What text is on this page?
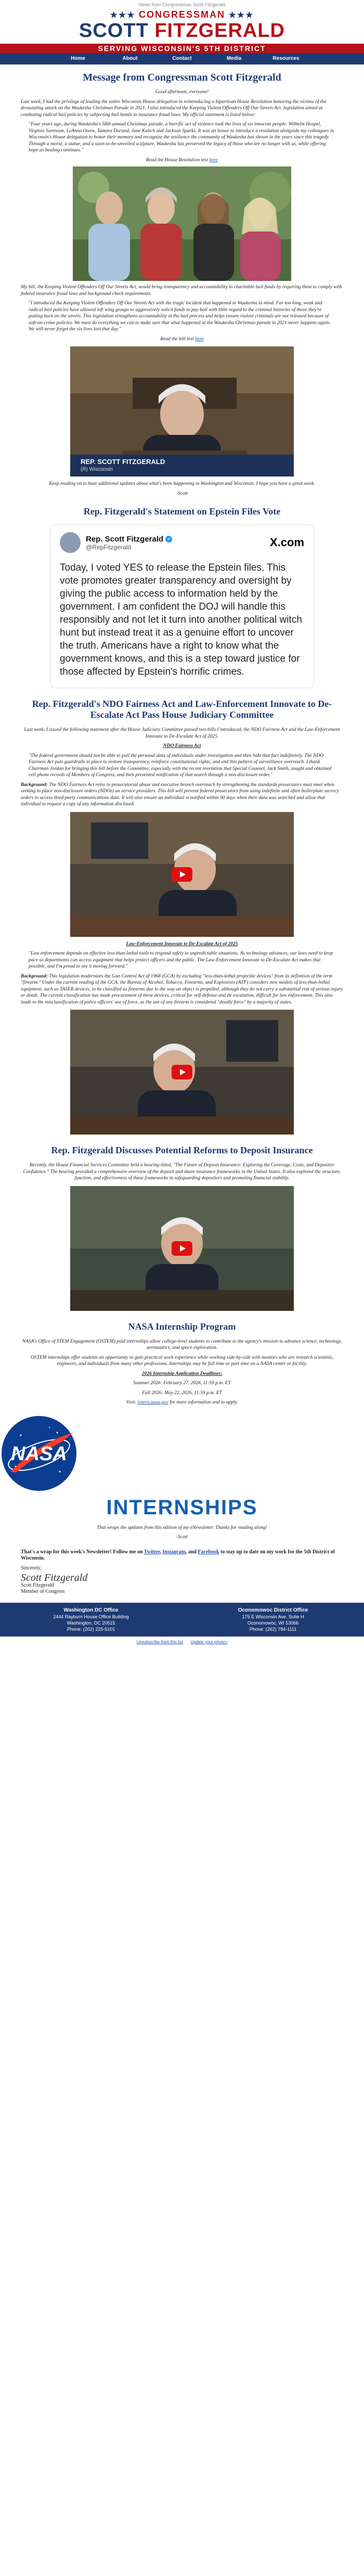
News from Congressman Scott Fitzgerald
★★★ CONGRESSMAN ★★★
SCOTT FITZGERALD
SERVING WISCONSIN'S 5TH DISTRICT
Home	About	Contact	Media	Resources
Message from Congressman Scott Fitzgerald

Good afternoon, everyone!

Last week, I had the privilege of leading the entire Wisconsin House delegation in reintroducing a bipartisan House Resolution honoring the victims of the devastating attack on the Waukesha Christmas Parade in 2021. I also introduced the Keeping Violent Offenders Off Our Streets Act, legislation aimed at combating radical bail policies by subjecting bail bonds to insurance fraud laws. My official statement is listed below:

"Four years ago, during Waukesha's 58th annual Christmas parade, a horrific act of violence took the lives of six innocent people: Wilhelm Hospel, Virginia Sorenson, LeAnna Owen, Tamara Durand, Jane Kulich and Jackson Sparks. It was an honor to introduce a resolution alongside my colleagues in Wisconsin's House delegation to honor their memory and recognize the resilience the community of Waukesha has shown in the years since this tragedy. Through a moral, a statue, and a soon-to-be-unveiled sculpture, Waukesha has preserved the legacy of those who are no longer with us, while offering hope as healing continues."

Read the House Resolution text here

My bill, the Keeping Violent Offenders Off Our Streets Act, would bring transparency and accountability to charitable bail funds by requiring them to comply with federal insurance fraud laws and background check requirements.

"I introduced the Keeping Violent Offenders Off Our Streets Act with the tragic incident that happened in Waukesha in mind. For too long, weak and radical bail policies have allowed left wing groups to aggressively solicit funds to pay bail with little regard to the criminal histories of those they're putting back on the streets. This legislation strengthens accountability in the bail process and helps ensure violent criminals are not released because of soft-on-crime policies. We must do everything we can to make sure that what happened at the Waukesha Christmas parade in 2021 never happens again. We will never forget the six lives lost that day."

Read the bill text here

REP. SCOTT FITZGERALD
(R) Wisconsin

Keep reading on to hear additional updates about what's been happening in Washington and Wisconsin. I hope you have a great week.

-Scott

Rep. Fitzgerald's Statement on Epstein Files Vote
Rep. Scott Fitzgerald ✓
@RepFitzgerald	X.com
Today, I voted YES to release the Epstein files. This vote promotes greater transparency and oversight by giving the public access to information held by the government. I am confident the DOJ will handle this responsibly and not let it turn into another political witch hunt but instead treat it as a genuine effort to uncover the truth. Americans have a right to know what the government knows, and this is a step toward justice for those affected by Epstein's horrific crimes.
Rep. Fitzgerald's NDO Fairness Act and Law-Enforcement Innovate to De-Escalate Act Pass House Judiciary Committee

Last week, I issued the following statement after the House Judiciary Committee passed two bills I introduced, the NDO Fairness Act and the Law-Enforcement Innovate to De-Escalate Act of 2025.

NDO Fairness Act

"The federal government should not be able to pull the personal data of individuals under investigation and then hide that fact indefinitely. The NDO Fairness Act puts guardrails in place to restore transparency, reinforce constitutional rights, and end this pattern of surveillance overreach. I thank Chairman Jordan for bringing this bill before the Committee, especially with the recent revelation that Special Counsel, Jack Smith, sought and obtained cell phone records of Members of Congress, and then prevented notification of that search through a non-disclosure order."

Background: The NDO Fairness Act reins in prosecutorial abuse and executive branch overreach by strengthening the standards prosecutors must meet when seeking to place non-disclosure orders (NDOs) on service providers. This bill will prevent federal prosecutors from using indefinite and often boilerplate secrecy orders to access third-party communications data. It will also ensure an individual is notified within 90 days when their data was searched and allow that individual to request a copy of any information disclosed.

Law-Enforcement Innovate to De-Escalate Act of 2025

"Law enforcement depends on effective less-than-lethal tools to respond safely to unpredictable situations. As technology advances, our laws need to keep pace so departments can access equipment that helps protect officers and the public. The Law-Enforcement Innovate to De-Escalate Act makes that possible, and I'm proud to see it moving forward."

Background: This legislation modernizes the Gun Control Act of 1968 (GCA) by excluding "less-than-lethal projectile devices" from its definition of the term "firearm." Under the current reading of the GCA, the Bureau of Alcohol, Tobacco, Firearms, and Explosives (ATF) considers new models of less-than-lethal equipment, such as TASER devices, to be classified as firearms due to the way an object is propelled, although they do not carry a substantial risk of serious injury or death. The current classification has made procurement of these devices, critical for self-defense and de-escalation, difficult for law enforcement. This also leads to the misclassification of police officers' use of force, as the use of any firearm is considered "deadly force" by a majority of states.

Rep. Fitzgerald Discusses Potential Reforms to Deposit Insurance

Recently, the House Financial Services Committee held a hearing titled, "The Future of Deposit Insurance: Exploring the Coverage, Costs, and Depositor Confidence." The hearing provided a comprehensive overview of the deposit and share insurance frameworks in the United States. It also explored the structure, function, and effectiveness of these frameworks in safeguarding depositors and promoting financial stability.

NASA Internship Program

NASA's Office of STEM Engagement (OSTEM) paid internships allow college-level students to contribute to the agency's mission to advance science, technology, aeronautics, and space exploration.

OSTEM internships offer students an opportunity to gain practical work experience while working side-by-side with mentors who are research scientists, engineers, and individuals from many other professions. Internships may be full time or part time on a NASA center or facility.

2026 Internship Application Deadlines:

Summer 2026: February 27, 2026, 11:59 p.m. ET

Fall 2026: May 22, 2026, 11:59 p.m. ET

Visit: intern.nasa.gov for more information and to apply.

NASA
INTERNSHIPS

That wraps the updates from this edition of my eNewsletter. Thanks for reading along!

-Scott

That's a wrap for this week's Newsletter! Follow me on Twitter, Instagram, and Facebook to stay up to date on my work for the 5th District of Wisconsin.

Sincerely,

Scott Fitzgerald

Scott Fitzgerald

Member of Congress

Washington DC Office
2444 Rayburn House Office Building
Washington, DC 20515
Phone: (202) 225-5101
Oconomowoc District Office
175 E Wisconsin Ave, Suite H
Oconomowoc, WI 53066
Phone: (262) 784-1111
Unsubscribe from this list Update your privacy
